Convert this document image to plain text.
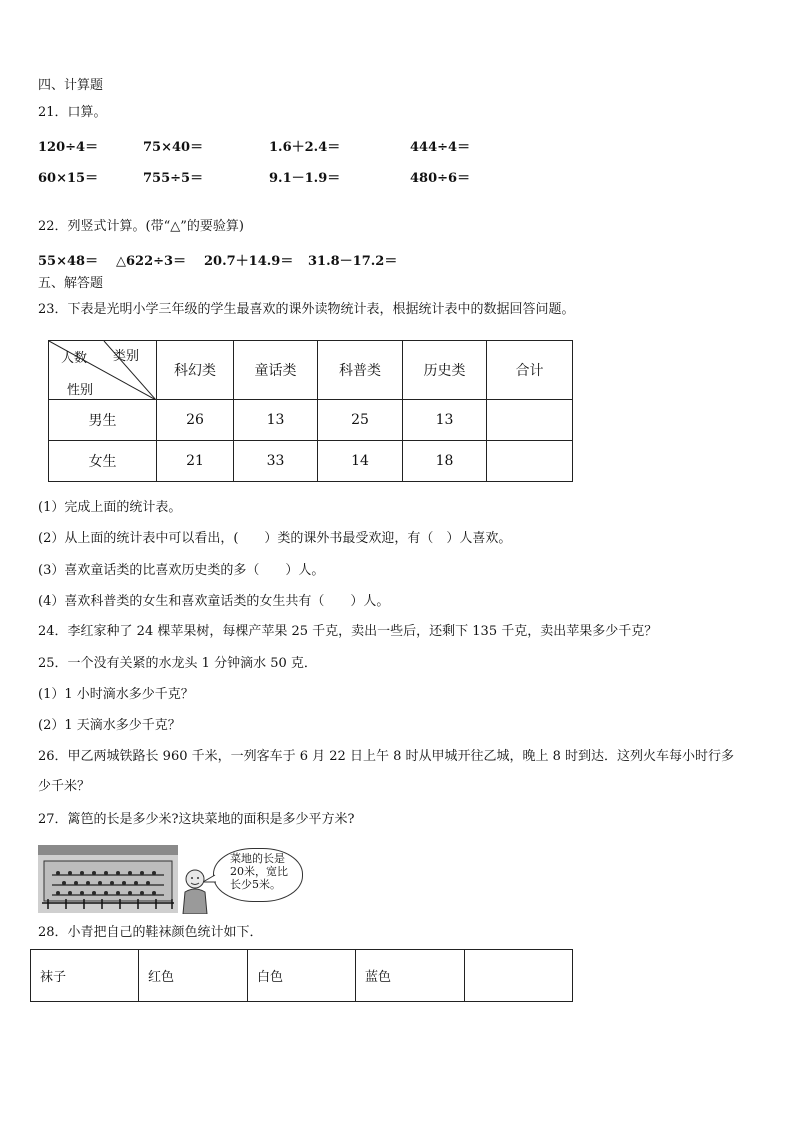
四、计算题
21．口算。
120÷4＝	75×40＝	1.6＋2.4＝	444÷4＝
60×15＝	755÷5＝	9.1－1.9＝	480÷6＝
22．列竖式计算。(带“△”的要验算)
55×48＝ △622÷3＝ 20.7＋14.9＝ 31.8－17.2＝
五、解答题
23．下表是光明小学三年级的学生最喜欢的课外读物统计表，根据统计表中的数据回答问题。
类别
人数
性别	科幻类	童话类	科普类	历史类	合计
男生	26	13	25	13	
女生	21	33	14	18	
(1）完成上面的统计表。
(2）从上面的统计表中可以看出，(　　）类的课外书最受欢迎，有（　）人喜欢。
(3）喜欢童话类的比喜欢历史类的多（　　）人。
(4）喜欢科普类的女生和喜欢童话类的女生共有（　　）人。
24．李红家种了 24 棵苹果树，每棵产苹果 25 千克，卖出一些后，还剩下 135 千克，卖出苹果多少千克？
25．一个没有关紧的水龙头 1 分钟滴水 50 克．
(1）1 小时滴水多少千克？
(2）1 天滴水多少千克？
26．甲乙两城铁路长 960 千米，一列客车于 6 月 22 日上午 8 时从甲城开往乙城，晚上 8 时到达．这列火车每小时行多
少千米？
27．篱笆的长是多少米?这块菜地的面积是多少平方米?
菜地的长是
20米，宽比
长少5米。
28．小青把自己的鞋袜颜色统计如下．
袜子	红色	白色	蓝色	
